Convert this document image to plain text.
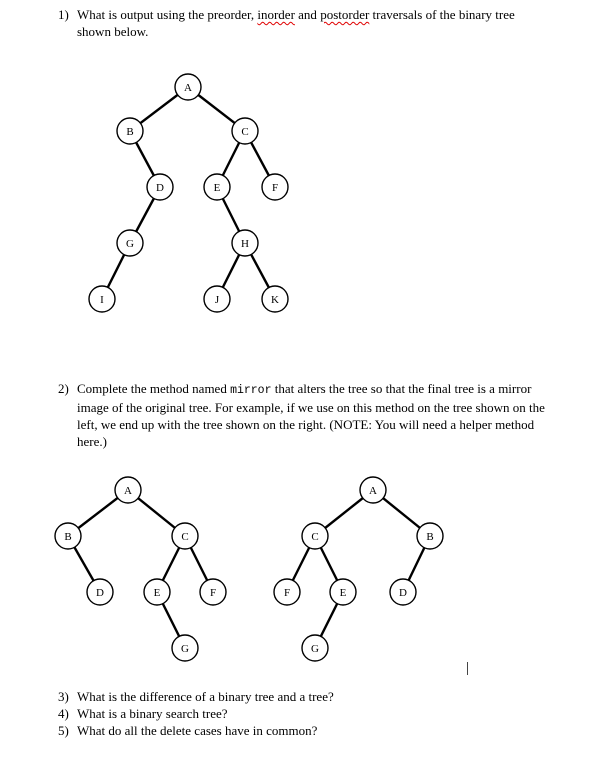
A
B	C
D	E	F
G	H
I	J	K
A
B	C
D	E	F
G
A
C	B
F	E	D
G
1) What is output using the preorder, inorder and postorder traversals of the binary tree shown below.
2) Complete the method named mirror that alters the tree so that the final tree is a mirror image of the original tree. For example, if we use on this method on the tree shown on the left, we end up with the tree shown on the right. (NOTE: You will need a helper method here.)
3) What is the difference of a binary tree and a tree?
4) What is a binary search tree?
5) What do all the delete cases have in common?
|
